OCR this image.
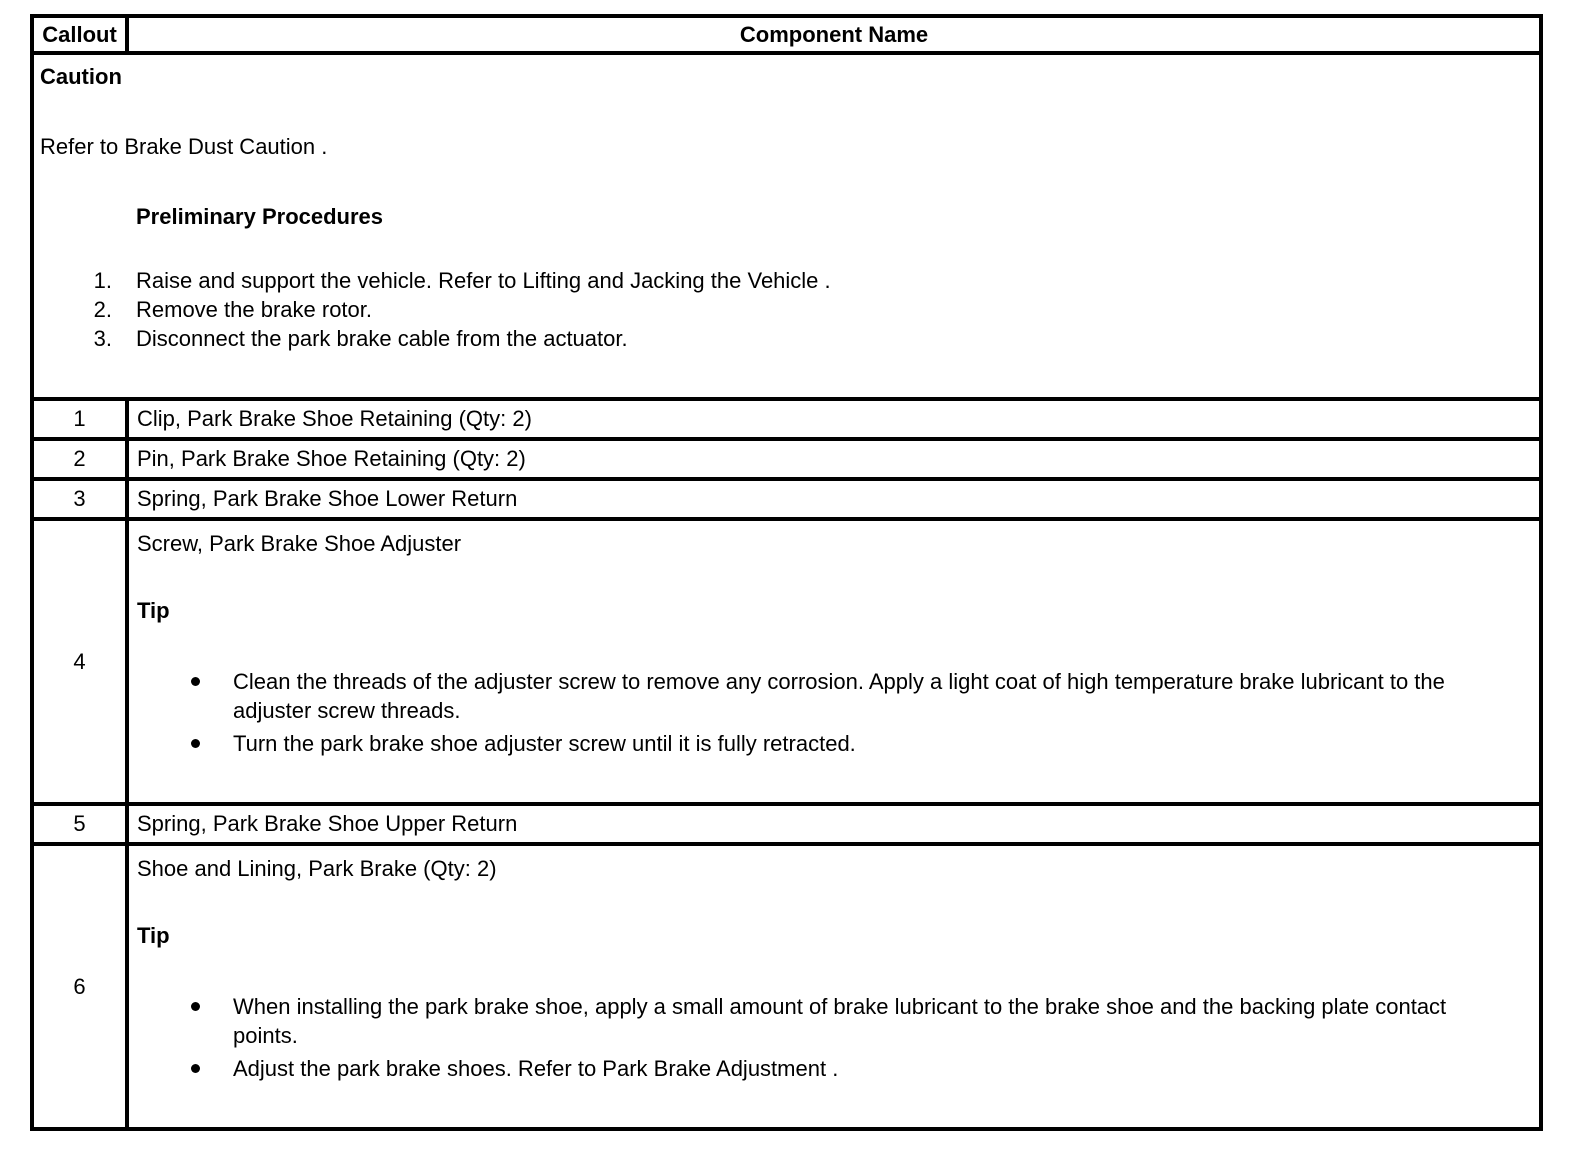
Callout	Component Name

Caution
Refer to Brake Dust Caution .
Preliminary Procedures
1. Raise and support the vehicle. Refer to Lifting and Jacking the Vehicle .
2. Remove the brake rotor.
3. Disconnect the park brake cable from the actuator.

1	Clip, Park Brake Shoe Retaining (Qty: 2)
2	Pin, Park Brake Shoe Retaining (Qty: 2)
3	Spring, Park Brake Shoe Lower Return
4	Screw, Park Brake Shoe Adjuster
Tip
Clean the threads of the adjuster screw to remove any corrosion. Apply a light coat of high temperature brake lubricant to the adjuster screw threads.
Turn the park brake shoe adjuster screw until it is fully retracted.

5	Spring, Park Brake Shoe Upper Return
6	Shoe and Lining, Park Brake (Qty: 2)
Tip
When installing the park brake shoe, apply a small amount of brake lubricant to the brake shoe and the backing plate contact points.
Adjust the park brake shoes. Refer to Park Brake Adjustment .
